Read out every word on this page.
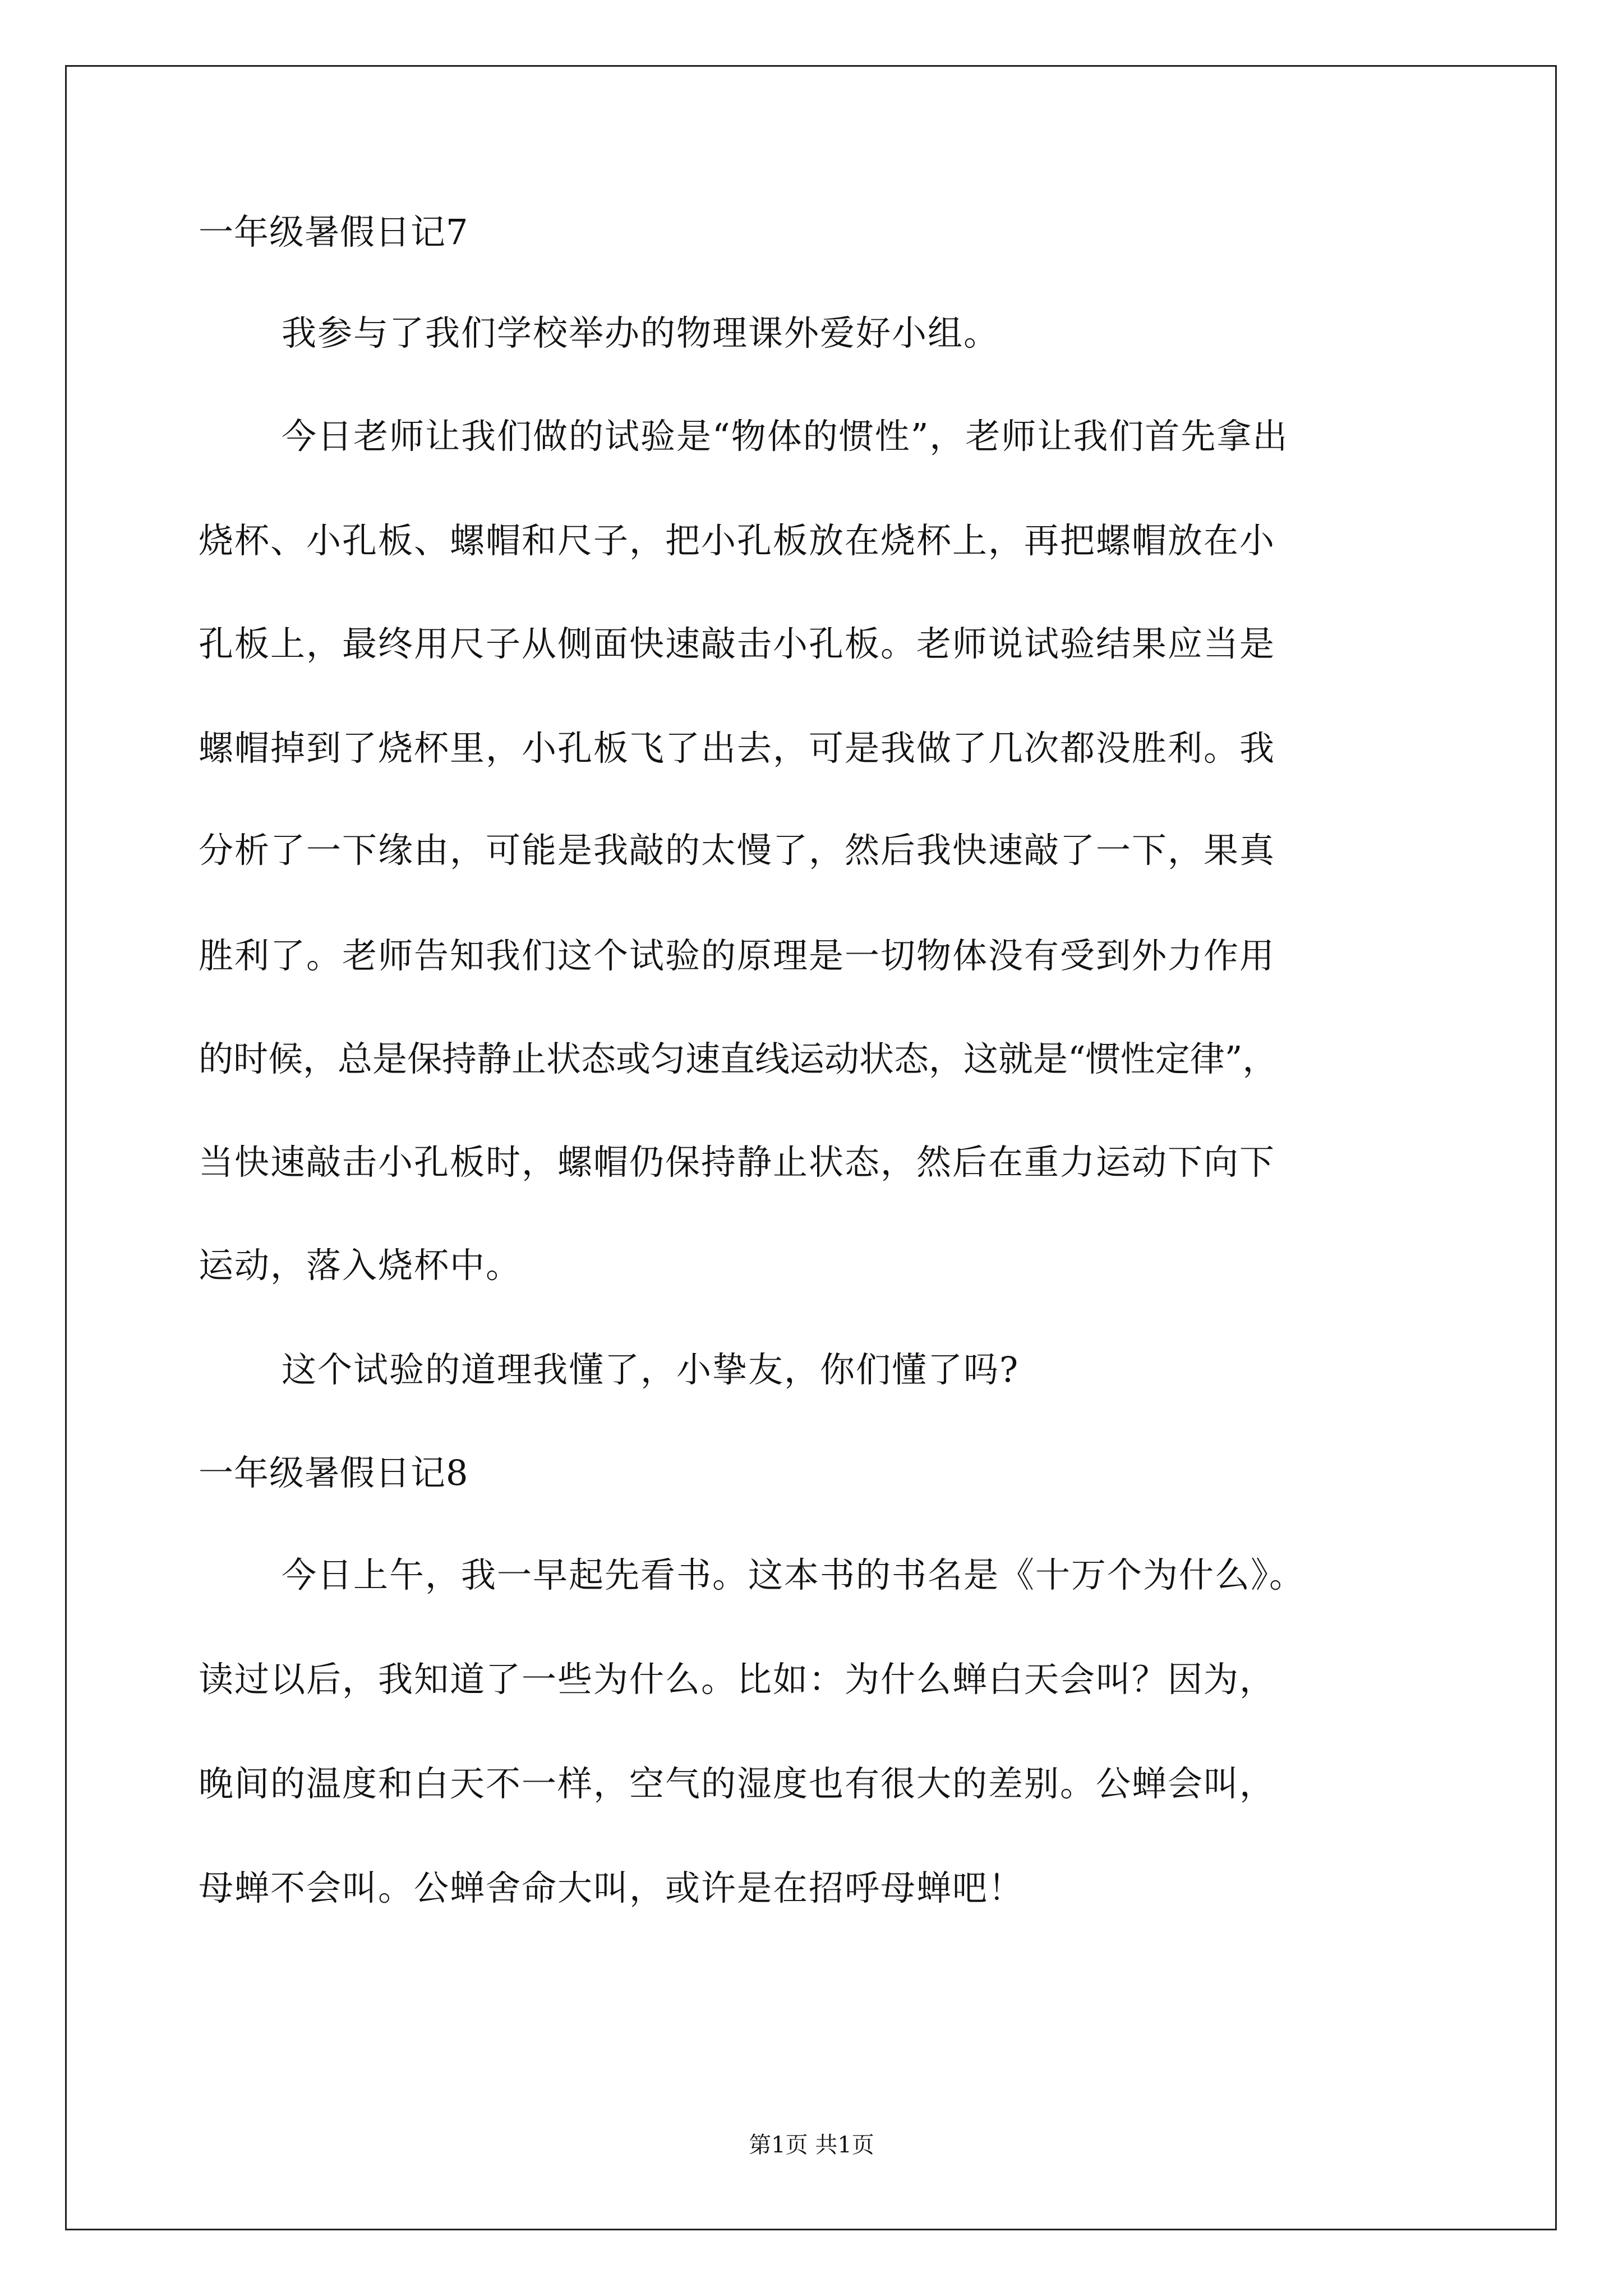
一年级暑假日记7
我参与了我们学校举办的物理课外爱好小组。
今日老师让我们做的试验是“物体的惯性”，老师让我们首先拿出
烧杯、小孔板、螺帽和尺子，把小孔板放在烧杯上，再把螺帽放在小
孔板上，最终用尺子从侧面快速敲击小孔板。老师说试验结果应当是
螺帽掉到了烧杯里，小孔板飞了出去，可是我做了几次都没胜利。我
分析了一下缘由，可能是我敲的太慢了，然后我快速敲了一下，果真
胜利了。老师告知我们这个试验的原理是一切物体没有受到外力作用
的时候，总是保持静止状态或匀速直线运动状态，这就是“惯性定律”，
当快速敲击小孔板时，螺帽仍保持静止状态，然后在重力运动下向下
运动，落入烧杯中。
这个试验的道理我懂了，小挚友，你们懂了吗?
一年级暑假日记8
今日上午，我一早起先看书。这本书的书名是《十万个为什么》。
读过以后，我知道了一些为什么。比如：为什么蝉白天会叫？因为，
晚间的温度和白天不一样，空气的湿度也有很大的差别。公蝉会叫，
母蝉不会叫。公蝉舍命大叫，或许是在招呼母蝉吧！
第1页 共1页
